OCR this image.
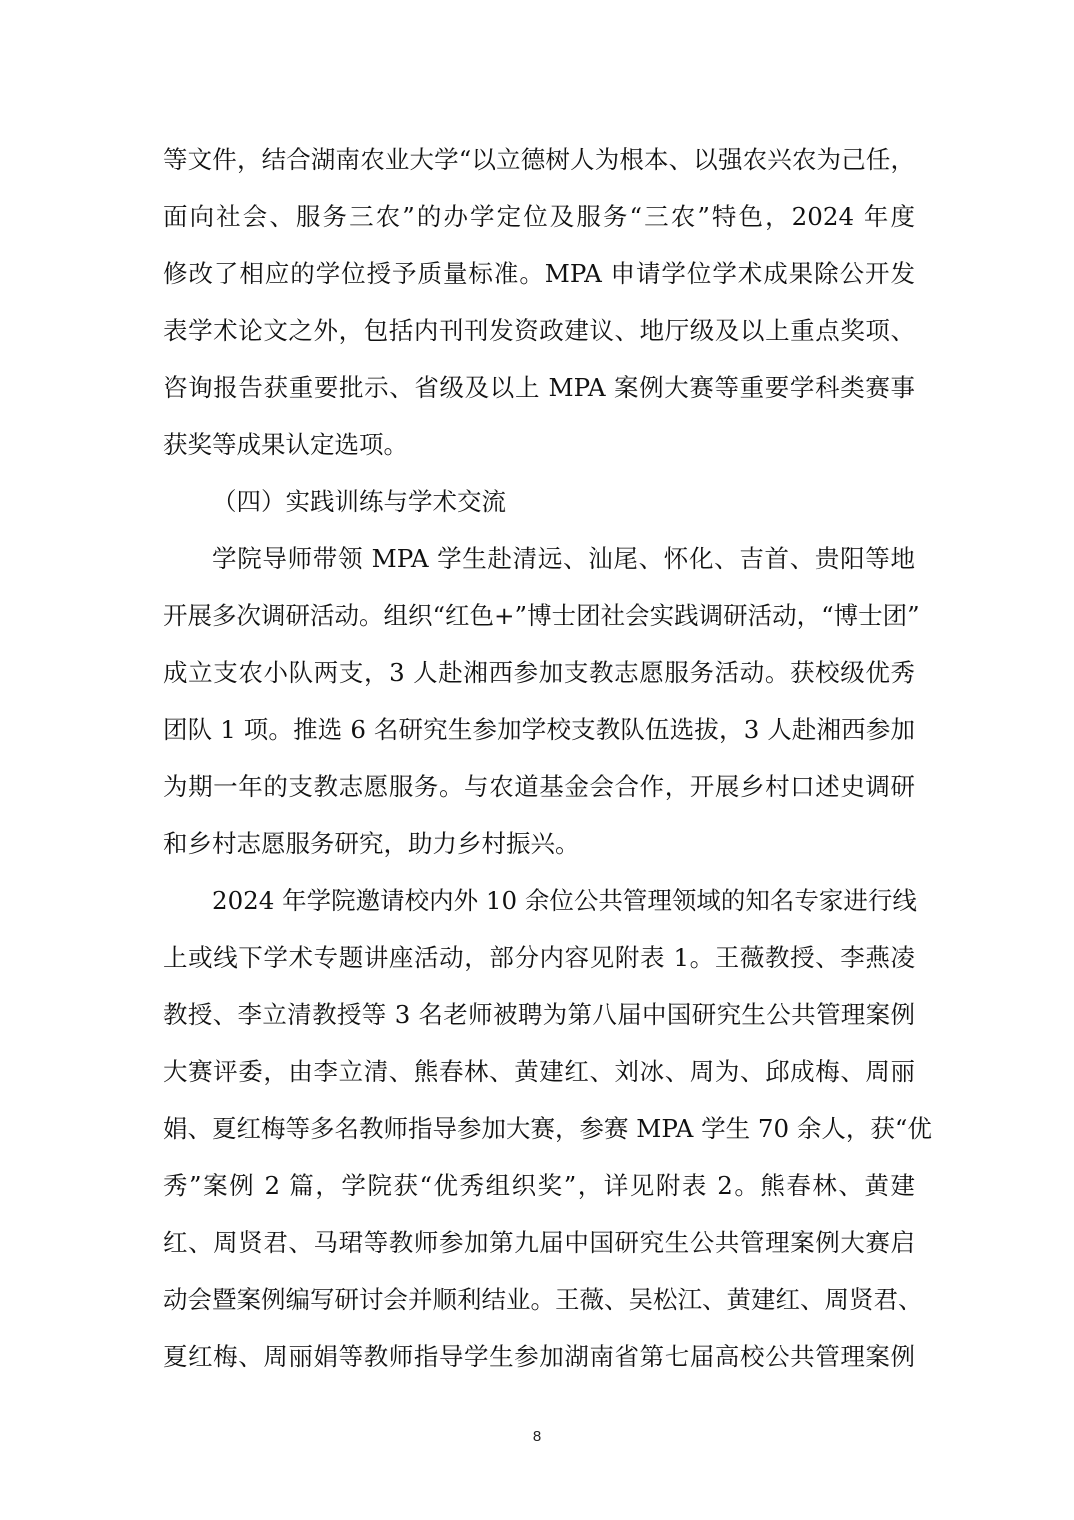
等文件，结合湖南农业大学“以立德树人为根本、以强农兴农为己任，
面向社会、服务三农”的办学定位及服务“三农”特色，2024 年度
修改了相应的学位授予质量标准。MPA 申请学位学术成果除公开发
表学术论文之外，包括内刊刊发资政建议、地厅级及以上重点奖项、
咨询报告获重要批示、省级及以上 MPA 案例大赛等重要学科类赛事
获奖等成果认定选项。
（四）实践训练与学术交流
学院导师带领 MPA 学生赴清远、汕尾、怀化、吉首、贵阳等地
开展多次调研活动。组织“红色+”博士团社会实践调研活动，“博士团”
成立支农小队两支，3 人赴湘西参加支教志愿服务活动。获校级优秀
团队 1 项。推选 6 名研究生参加学校支教队伍选拔，3 人赴湘西参加
为期一年的支教志愿服务。与农道基金会合作，开展乡村口述史调研
和乡村志愿服务研究，助力乡村振兴。
2024 年学院邀请校内外 10 余位公共管理领域的知名专家进行线
上或线下学术专题讲座活动，部分内容见附表 1。王薇教授、李燕凌
教授、李立清教授等 3 名老师被聘为第八届中国研究生公共管理案例
大赛评委，由李立清、熊春林、黄建红、刘冰、周为、邱成梅、周丽
娟、夏红梅等多名教师指导参加大赛，参赛 MPA 学生 70 余人，获“优
秀”案例 2 篇，学院获“优秀组织奖”，详见附表 2。熊春林、黄建
红、周贤君、马珺等教师参加第九届中国研究生公共管理案例大赛启
动会暨案例编写研讨会并顺利结业。王薇、吴松江、黄建红、周贤君、
夏红梅、周丽娟等教师指导学生参加湖南省第七届高校公共管理案例
8
